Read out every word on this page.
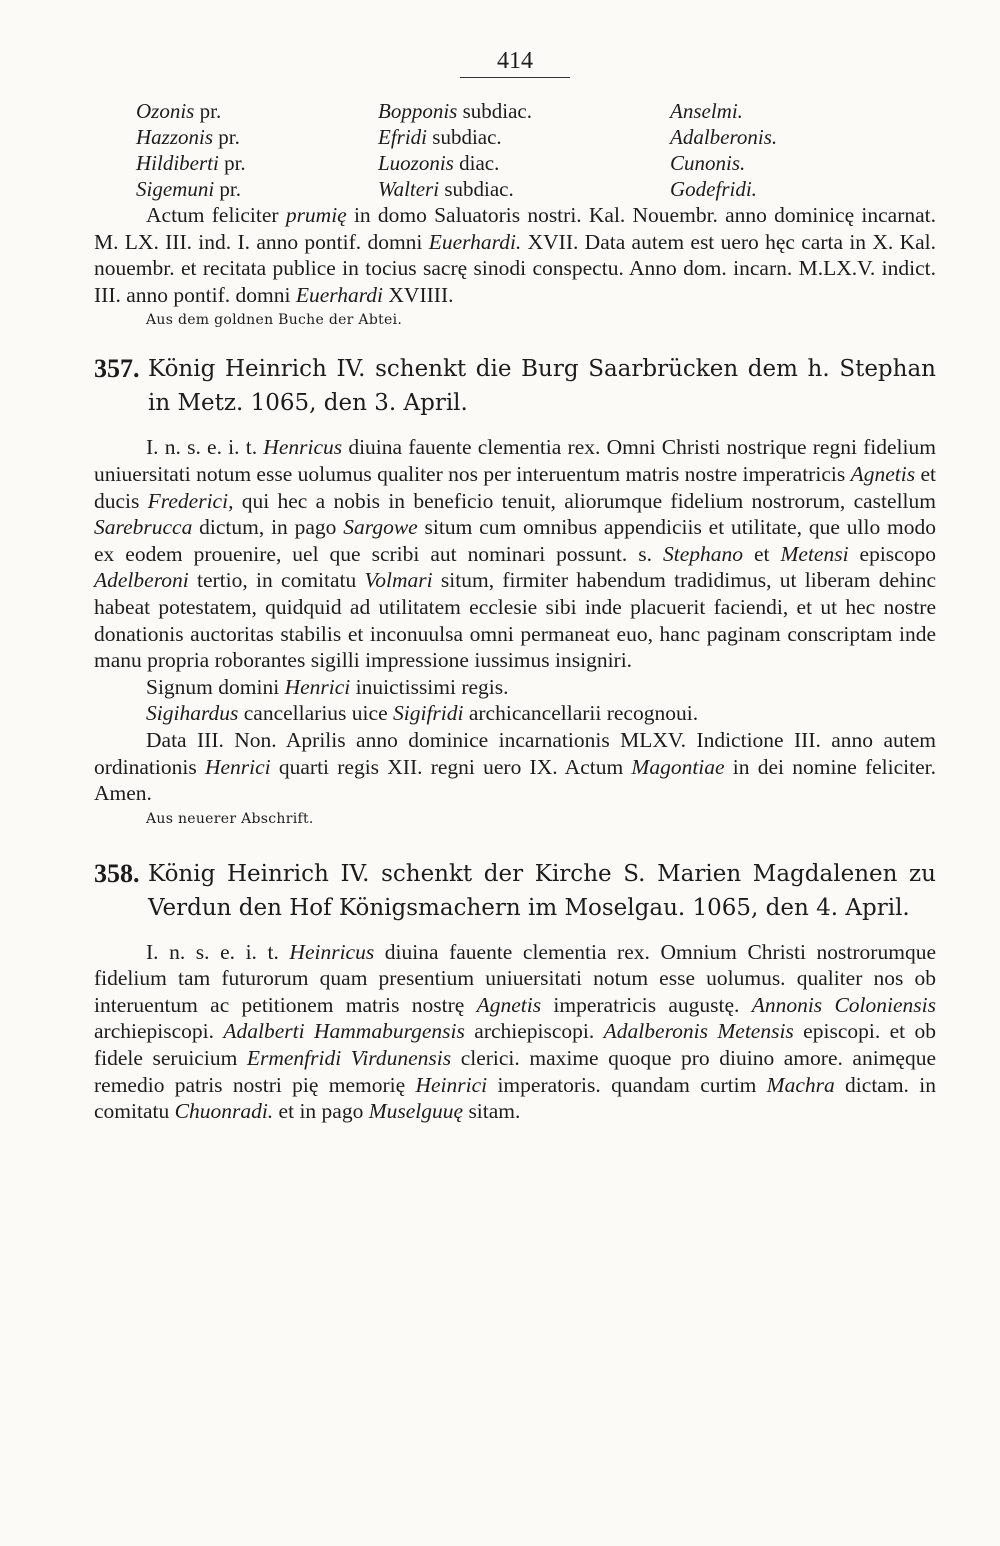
414
Ozonis pr.	Bopponis subdiac.	Anselmi.
Hazzonis pr.	Efridi subdiac.	Adalberonis.
Hildiberti pr.	Luozonis diac.	Cunonis.
Sigemuni pr.	Walteri subdiac.	Godefridi.

Actum feliciter prumię in domo Saluatoris nostri. Kal. Nouembr. anno dominicę incarnat. M. LX. III. ind. I. anno pontif. domni Euerhardi. XVII. Data autem est uero hęc carta in X. Kal. nouembr. et recitata publice in tocius sacrę sinodi conspectu. Anno dom. incarn. M.LX.V. indict. III. anno pontif. domni Euerhardi XVIIII.

Aus dem goldnen Buche der Abtei.
357. König Heinrich IV. schenkt die Burg Saarbrücken dem h. Stephan in Metz. 1065, den 3. April.

I. n. s. e. i. t. Henricus diuina fauente clementia rex. Omni Christi nostrique regni fidelium uniuersitati notum esse uolumus qualiter nos per interuentum matris nostre imperatricis Agnetis et ducis Frederici, qui hec a nobis in beneficio tenuit, aliorumque fidelium nostrorum, castellum Sarebrucca dictum, in pago Sargowe situm cum omnibus appendiciis et utilitate, que ullo modo ex eodem prouenire, uel que scribi aut nominari possunt. s. Stephano et Metensi episcopo Adelberoni tertio, in comitatu Volmari situm, firmiter habendum tradidimus, ut liberam dehinc habeat potestatem, quidquid ad utilitatem ecclesie sibi inde placuerit faciendi, et ut hec nostre donationis auctoritas stabilis et inconuulsa omni permaneat euo, hanc paginam conscriptam inde manu propria roborantes sigilli impressione iussimus insigniri.

Signum domini Henrici inuictissimi regis.

Sigihardus cancellarius uice Sigifridi archicancellarii recognoui.

Data III. Non. Aprilis anno dominice incarnationis MLXV. Indictione III. anno autem ordinationis Henrici quarti regis XII. regni uero IX. Actum Magontiae in dei nomine feliciter. Amen.

Aus neuerer Abschrift.
358. König Heinrich IV. schenkt der Kirche S. Marien Magdalenen zu Verdun den Hof Königsmachern im Moselgau. 1065, den 4. April.

I. n. s. e. i. t. Heinricus diuina fauente clementia rex. Omnium Christi nostrorumque fidelium tam futurorum quam presentium uniuersitati notum esse uolumus. qualiter nos ob interuentum ac petitionem matris nostrę Agnetis imperatricis augustę. Annonis Coloniensis archiepiscopi. Adalberti Hammaburgensis archiepiscopi. Adalberonis Metensis episcopi. et ob fidele seruicium Ermenfridi Virdunensis clerici. maxime quoque pro diuino amore. animęque remedio patris nostri pię memorię Heinrici imperatoris. quandam curtim Machra dictam. in comitatu Chuonradi. et in pago Muselguuę sitam.
